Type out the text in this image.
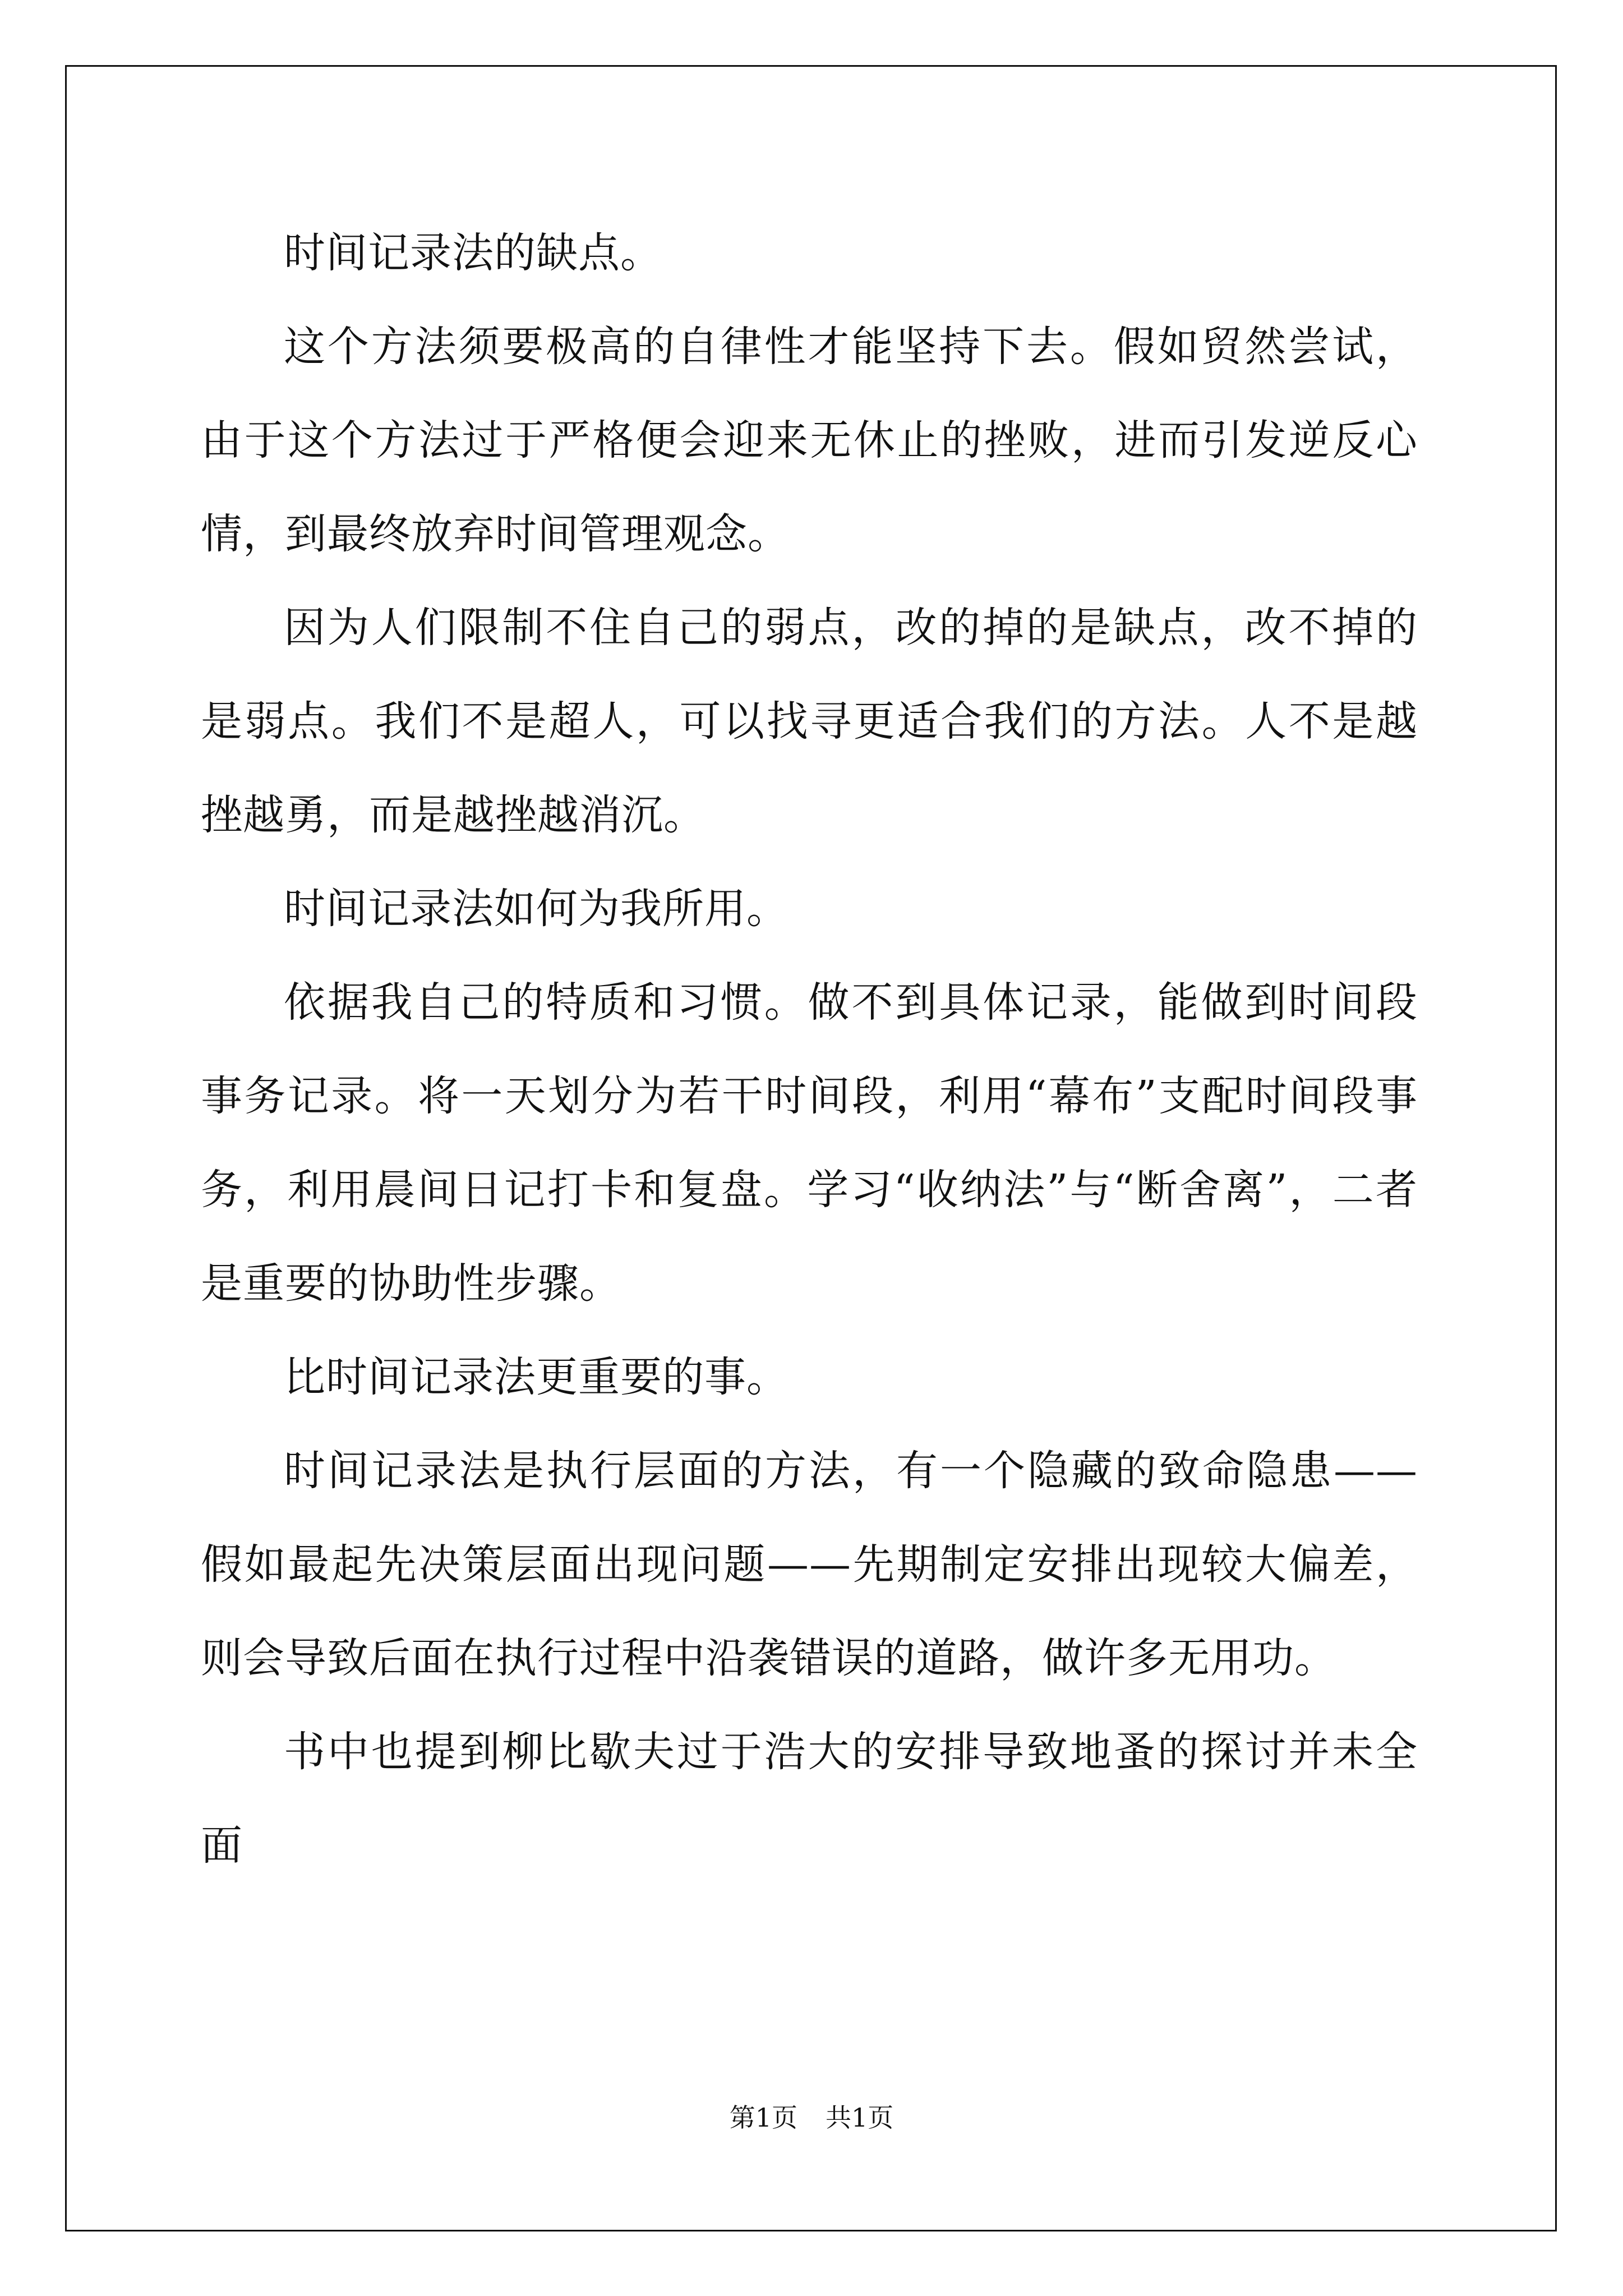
时间记录法的缺点。

这个方法须要极高的自律性才能坚持下去。假如贸然尝试，由于这个方法过于严格便会迎来无休止的挫败，进而引发逆反心情，到最终放弃时间管理观念。

因为人们限制不住自己的弱点，改的掉的是缺点，改不掉的是弱点。我们不是超人，可以找寻更适合我们的方法。人不是越挫越勇，而是越挫越消沉。

时间记录法如何为我所用。

依据我自己的特质和习惯。做不到具体记录，能做到时间段事务记录。将一天划分为若干时间段，利用“幕布”支配时间段事务，利用晨间日记打卡和复盘。学习“收纳法”与“断舍离”，二者是重要的协助性步骤。

比时间记录法更重要的事。

时间记录法是执行层面的方法，有一个隐藏的致命隐患——假如最起先决策层面出现问题——先期制定安排出现较大偏差，则会导致后面在执行过程中沿袭错误的道路，做许多无用功。

书中也提到柳比歇夫过于浩大的安排导致地蚤的探讨并未全面

第1页 共1页
